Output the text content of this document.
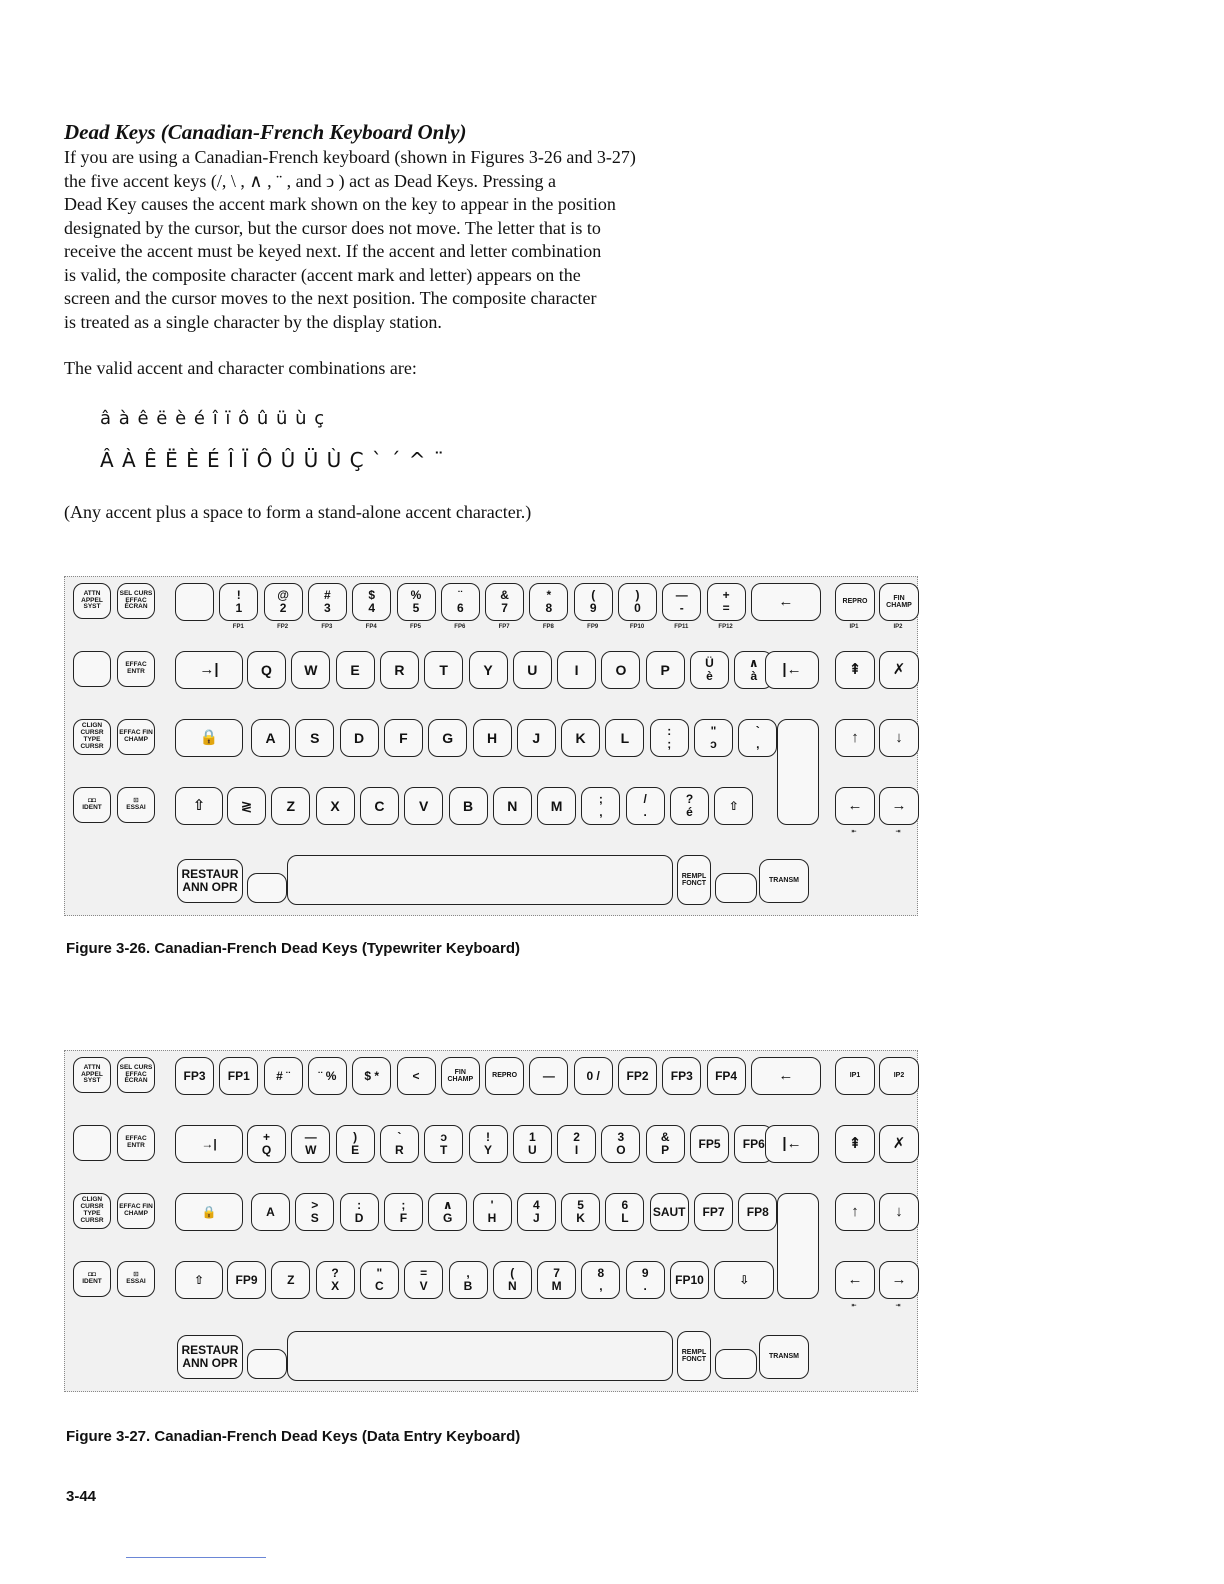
Dead Keys (Canadian-French Keyboard Only)
If you are using a Canadian-French keyboard (shown in Figures 3-26 and 3-27)
the five accent keys (/, \ , ∧ , ¨ , and ↄ ) act as Dead Keys. Pressing a
Dead Key causes the accent mark shown on the key to appear in the position
designated by the cursor, but the cursor does not move. The letter that is to
receive the accent must be keyed next. If the accent and letter combination
is valid, the composite character (accent mark and letter) appears on the
screen and the cursor moves to the next position. The composite character
is treated as a single character by the display station.
The valid accent and character combinations are:
â à ê ë è é î ï ô û ü ù ç
Â À Ê Ë È É Î Ï Ô Û Ü Ù Ç ` ´ ^ ¨
(Any accent plus a space to form a stand-alone accent character.)
ATTN
APPEL SYST
SEL CURS
EFFAC ÉCRAN
EFFAC ENTR
CLIGN CURSR
TYPE CURSR
EFFAC FIN CHAMP
◘◘
IDENT
⊡
ESSAI
!
1
FP1
@
2
FP2
#
3
FP3
$
4
FP4
%
5
FP5
¨
6
FP6
&
7
FP7
*
8
FP8
(
9
FP9
)
0
FP10
—
-
FP11
+
=
FP12
←	REPRO
IP1
FIN CHAMP
IP2
→|	Q	W	E	R	T	Y	U	I	O	P	Ü
è
∧
à	|←	⇞	✗
🔒	A	S	D	F	G	H	J	K	L	:
;
"
ↄ
`
,	↑	↓
⇧	≷	Z	X	C	V	B	N	M	;
,
/
.
?
é	⇧	←
⇤
→
⇥
RESTAUR
ANN OPR
REMPL FONCT	TRANSM
Figure 3-26. Canadian-French Dead Keys (Typewriter Keyboard)
ATTN
APPEL SYST
SEL CURS
EFFAC ÉCRAN
EFFAC ENTR
CLIGN CURSR
TYPE CURSR
EFFAC FIN CHAMP
◘◘
IDENT
⊡
ESSAI
FP3	FP1	# ¨	¨ %	$ *	<	FIN CHAMP
REPRO	—	0 /	FP2	FP3	FP4	←	IP1	IP2
→|	+
Q
—
W
)
E
`
R
ↄ
T
!
Y
1
U
2
I
3
O
&
P FP5 FP6	|←	⇞	✗
🔒	A	>
S
:
D
;
F
∧
G
'
H
4
J
5
K
6
L SAUT FP7 FP8	↑	↓
⇧	FP9 Z	?
X
"
C
=
V
,
B
(
N
7
M
8
,
9
. FP10	⇩	←
⇤
→
⇥
RESTAUR
ANN OPR
REMPL FONCT	TRANSM
Figure 3-27. Canadian-French Dead Keys (Data Entry Keyboard)
3-44
